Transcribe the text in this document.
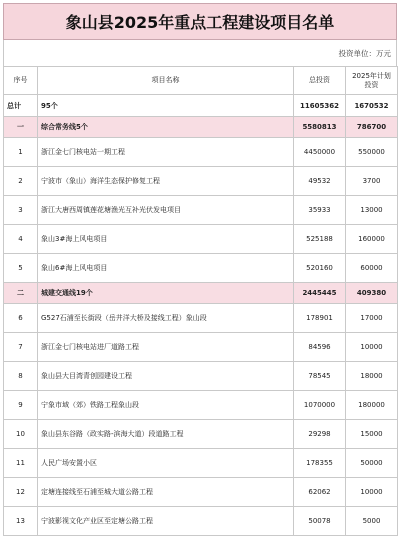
象山县2025年重点工程建设项目名单
投资单位：万元
序号	项目名称	总投资	2025年计划
投资
总计	95个	11605362	1670532
一	综合常务线5个	5580813	786700
1	浙江金七门核电站一期工程	4450000	550000
2	宁波市（象山）海洋生态保护修复工程	49532	3700
3	浙江大唐西周镇莲花塘渔光互补光伏发电项目	35933	13000
4	象山3#海上风电项目	525188	160000
5	象山6#海上风电项目	520160	60000
二	城建交通线19个	2445445	409380
6	G527石浦至长街段（岳井洋大桥及接线工程）象山段	178901	17000
7	浙江金七门核电站进厂道路工程	84596	10000
8	象山县大目湾青创园建设工程	78545	18000
9	宁象市域（郊）铁路工程象山段	1070000	180000
10	象山县东谷路（政实路-滨海大道）段道路工程	29298	15000
11	人民广场安置小区	178355	50000
12	定塘连接线至石浦至城大道公路工程	62062	10000
13	宁波影视文化产业区至定塘公路工程	50078	5000
